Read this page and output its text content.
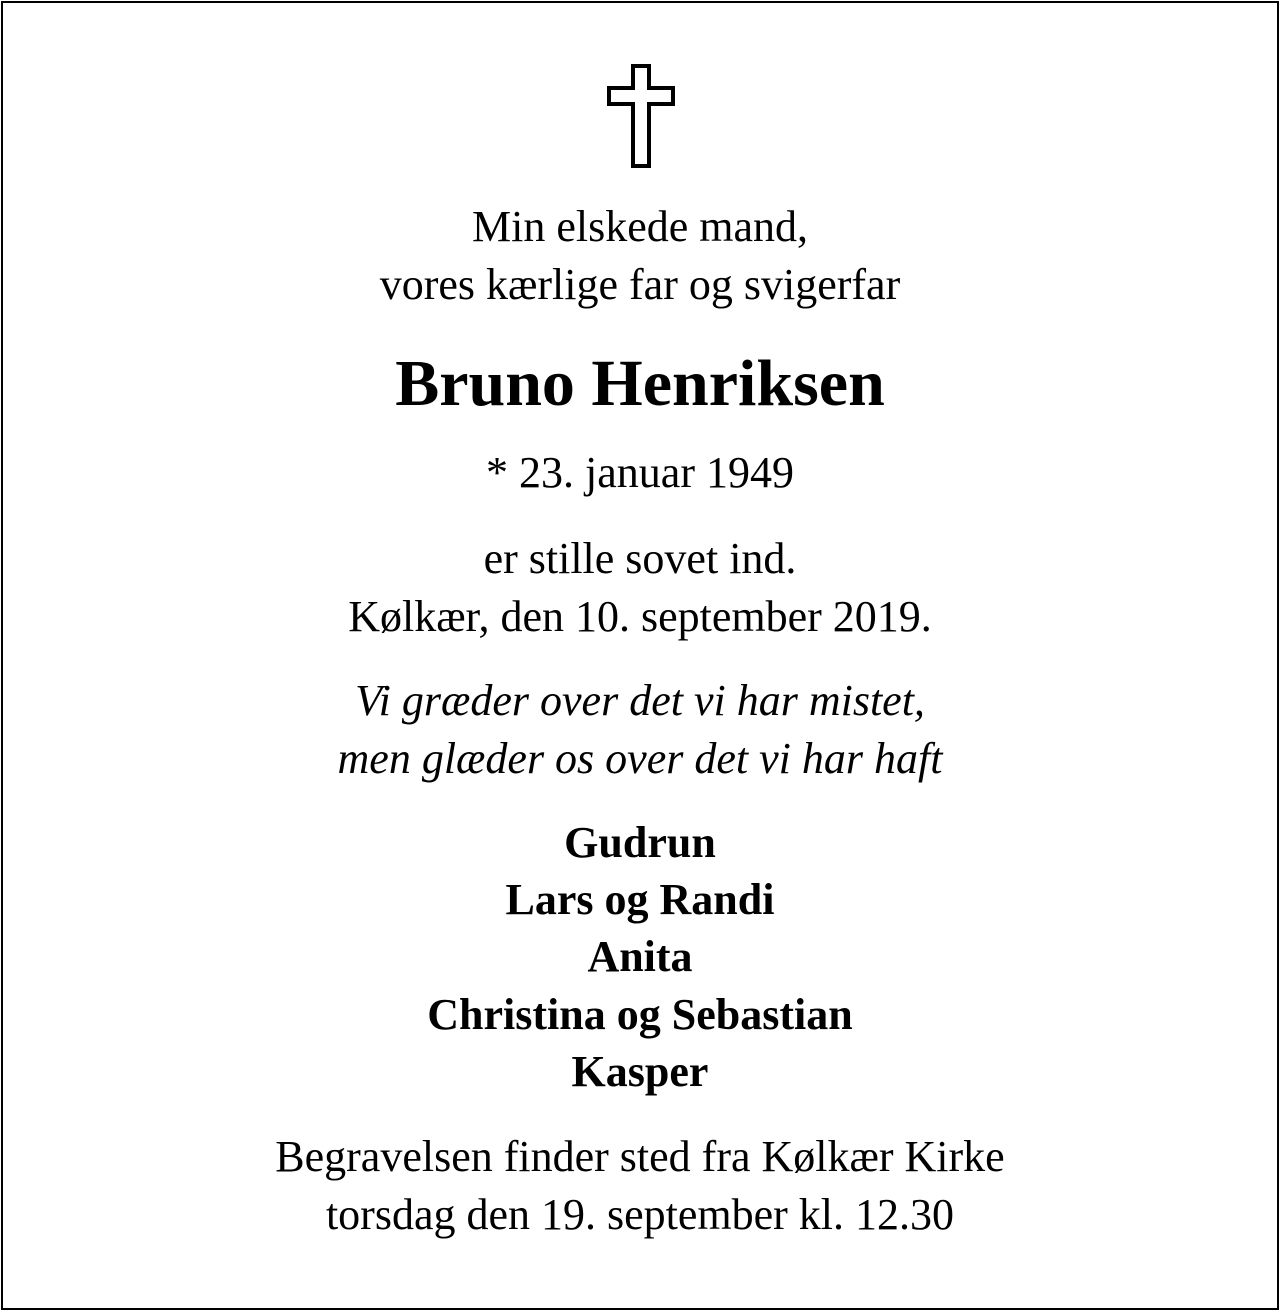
Min elskede mand,
vores kærlige far og svigerfar
Bruno Henriksen
* 23. januar 1949
er stille sovet ind.
Kølkær, den 10. september 2019.
Vi græder over det vi har mistet,
men glæder os over det vi har haft
Gudrun
Lars og Randi
Anita
Christina og Sebastian
Kasper
Begravelsen finder sted fra Kølkær Kirke
torsdag den 19. september kl. 12.30
